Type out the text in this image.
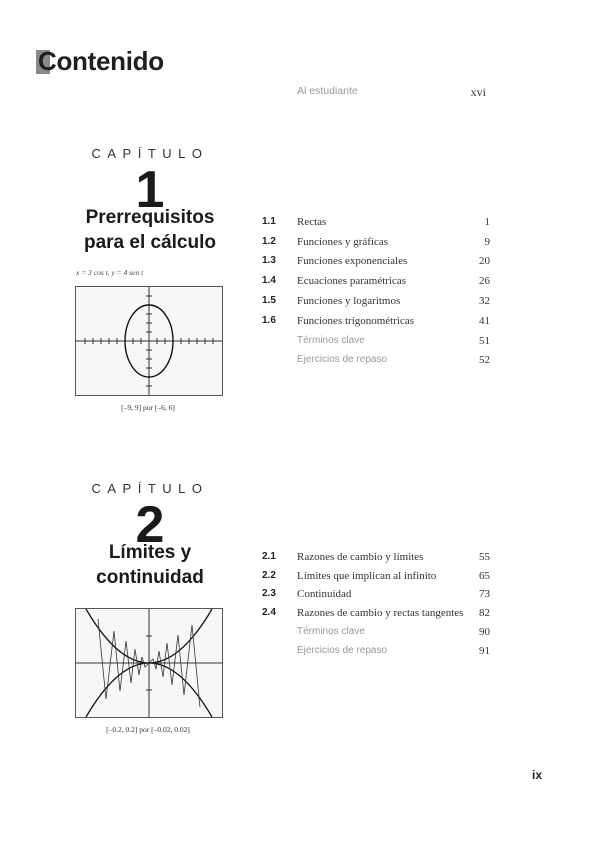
Contenido
Al estudiante	xvi
CAPÍTULO
1
Prerrequisitos
para el cálculo
x = 3 cos t, y = 4 sen t
[–9, 9] por [–6, 6]
1.1 Rectas	1
1.2 Funciones y gráficas	9
1.3 Funciones exponenciales	20
1.4 Ecuaciones paramétricas	26
1.5 Funciones y logaritmos	32
1.6 Funciones trigonométricas	41
Términos clave	51
Ejercicios de repaso	52
CAPÍTULO
2
Límites y
continuidad
[–0.2, 0.2] por [–0.02, 0.02]
2.1 Razones de cambio y límites	55
2.2 Límites que implican al infinito	65
2.3 Continuidad	73
2.4 Razones de cambio y rectas tangentes 82
Términos clave	90
Ejercicios de repaso	91
ix
